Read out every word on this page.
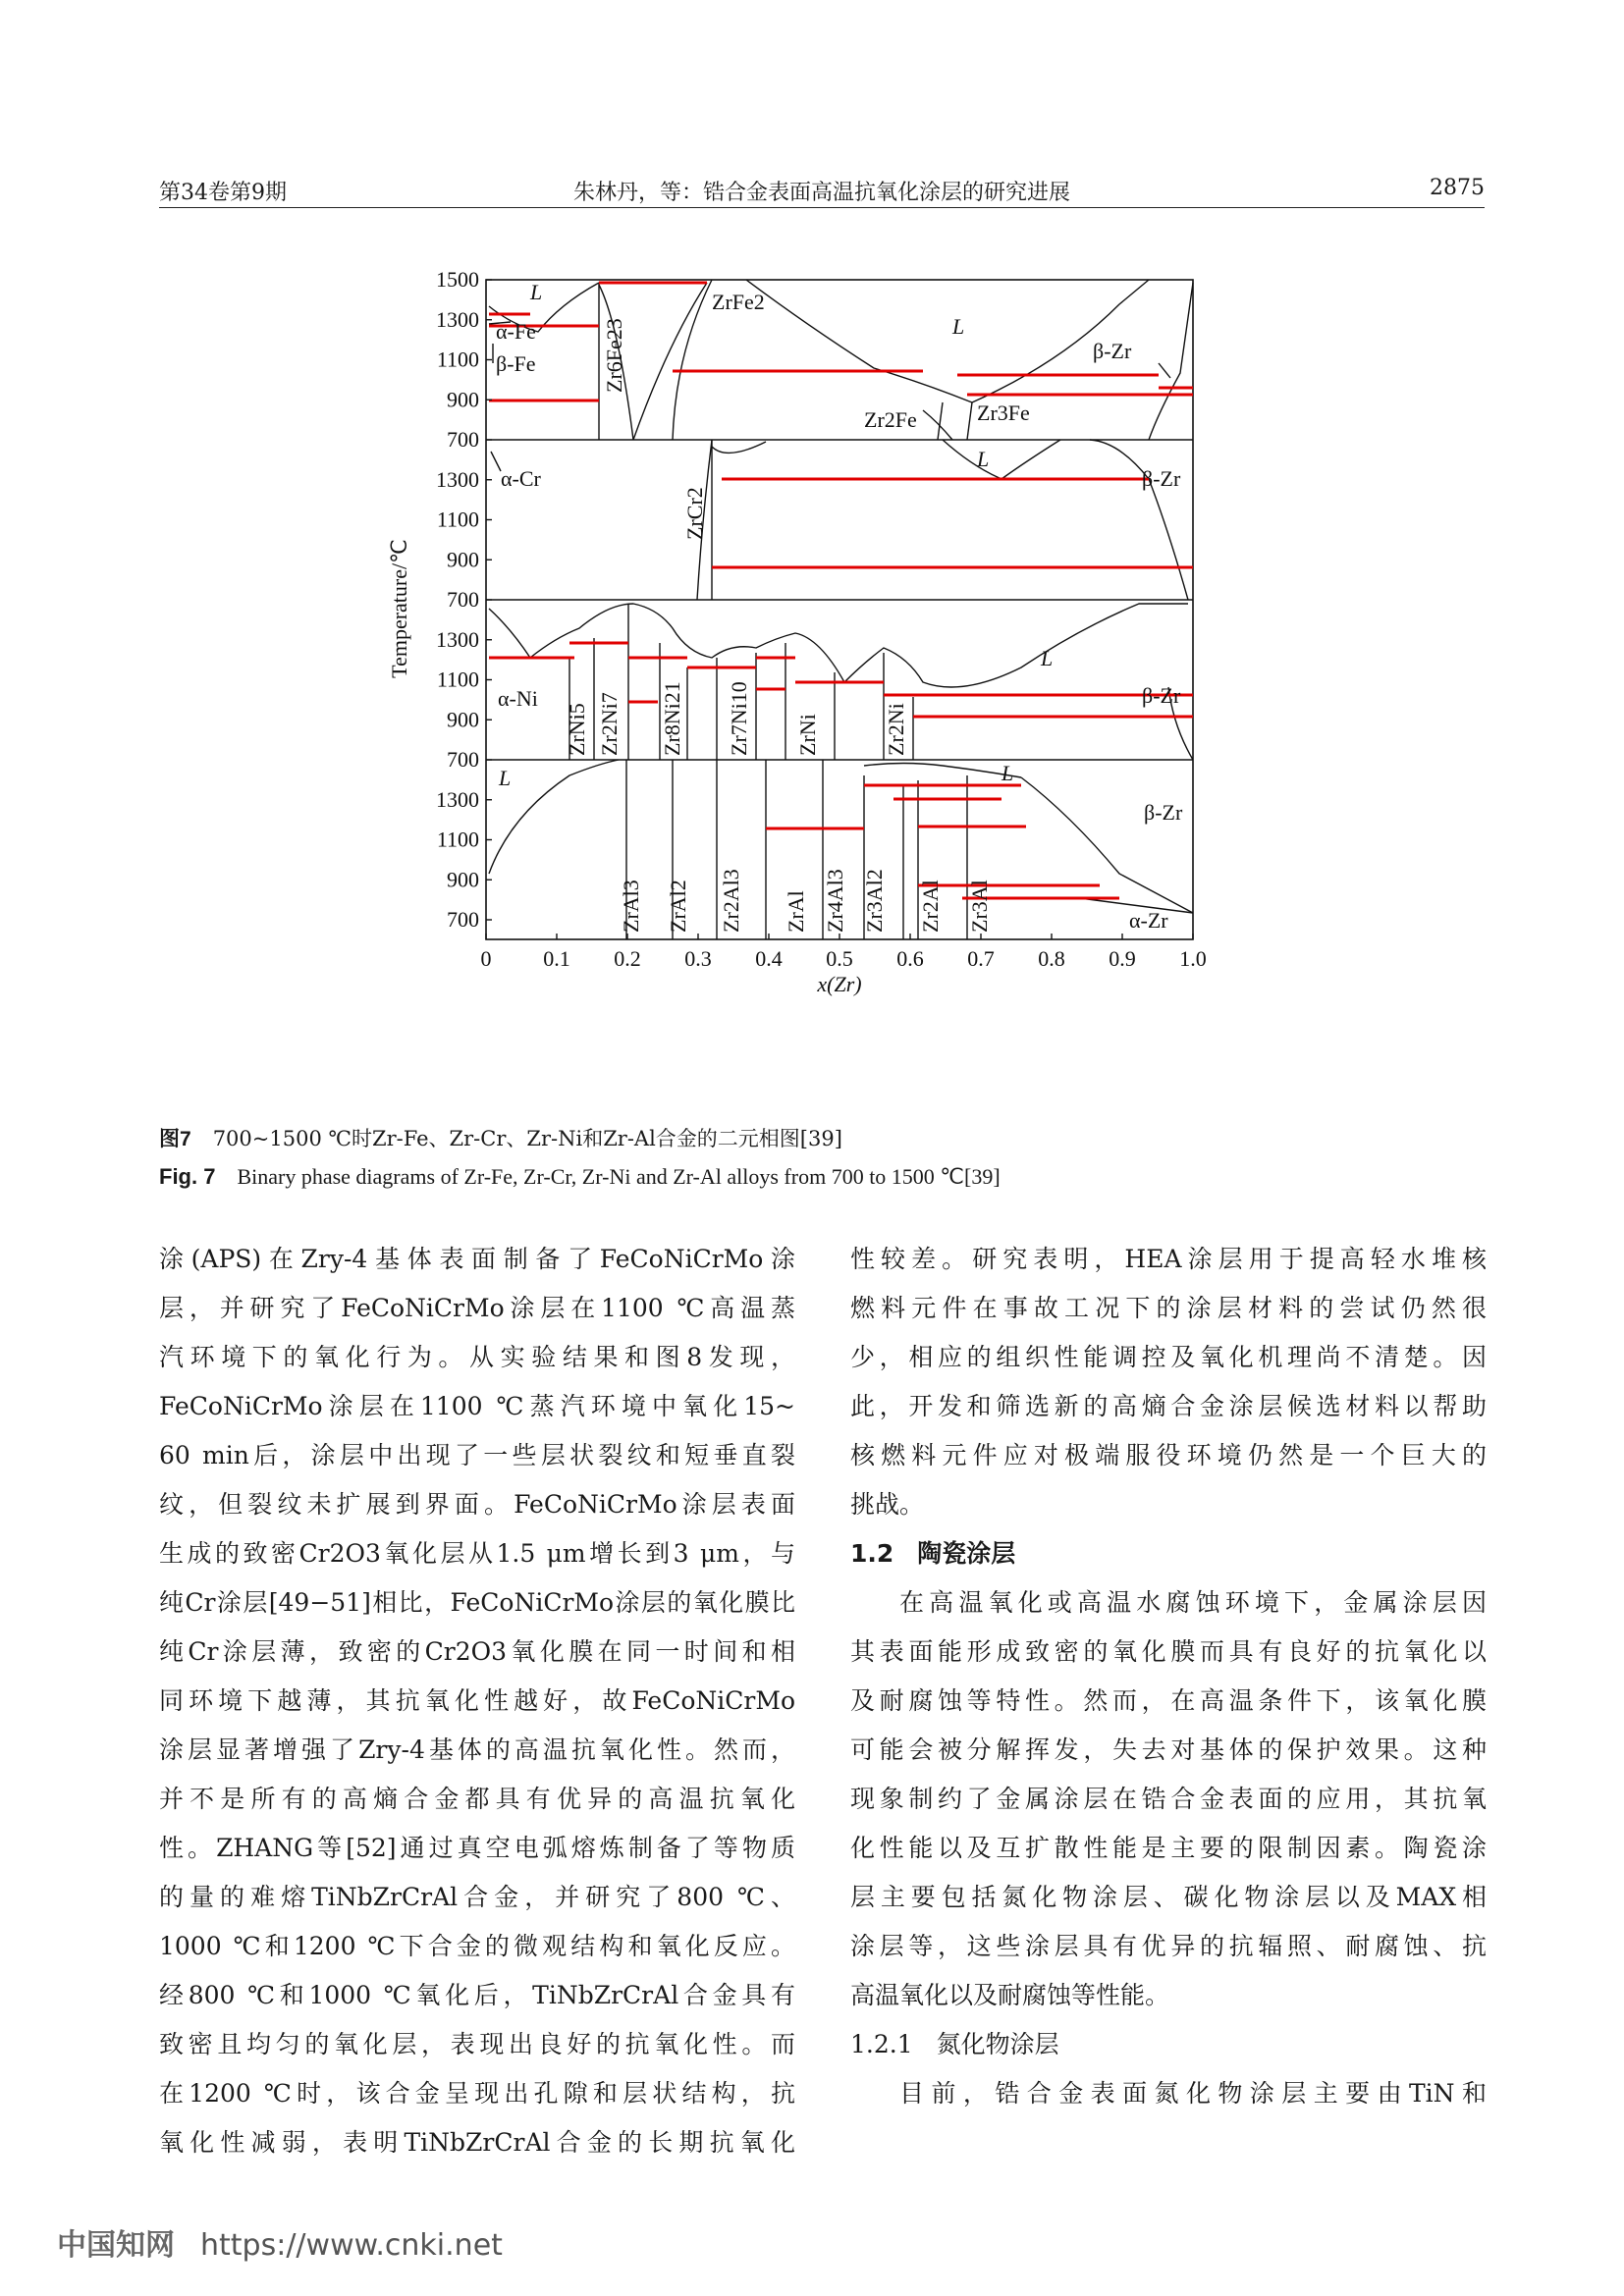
第34卷第9期	朱林丹，等：锆合金表面高温抗氧化涂层的研究进展	2875
L
α-Fe
β-Fe	Zr6Fe23
ZrFe2
L
Zr2Fe	Zr3Fe
β-Zr
α-Cr
ZrCr2
L
β-Zr
L
α-Ni
ZrNi5 Zr2Ni7 Zr8Ni21 Zr7Ni10 ZrNi	Zr2Ni
β-Zr
L
ZrAl3 ZrAl2 Zr2Al3 ZrAl Zr4Al3 Zr3Al2 Zr2Al Zr3Al
L
β-Zr
α-Zr
1500
1300
1100
900
700
1300
1100
900
700
1300
1100
900
700
1300
1100
900
700
0 0.1 0.2 0.3 0.4 0.5 0.6 0.7 0.8 0.9 1.0
Temperature/℃
x(Zr)
图7 700~1500 ℃时Zr-Fe、Zr-Cr、Zr-Ni和Zr-Al合金的二元相图[39]
Fig. 7 Binary phase diagrams of Zr-Fe, Zr-Cr, Zr-Ni and Zr-Al alloys from 700 to 1500 ℃[39]

涂(APS)在Zry-4基体表面制备了FeCoNiCrMo涂

层，并研究了FeCoNiCrMo涂层在1100 ℃高温蒸

汽环境下的氧化行为。从实验结果和图8发现，

FeCoNiCrMo涂层在1100 ℃蒸汽环境中氧化15~

60 min后，涂层中出现了一些层状裂纹和短垂直裂

纹，但裂纹未扩展到界面。FeCoNiCrMo涂层表面

生成的致密Cr2O3氧化层从1.5 μm增长到3 μm，与

纯Cr涂层[49−51]相比，FeCoNiCrMo涂层的氧化膜比

纯Cr涂层薄，致密的Cr2O3氧化膜在同一时间和相

同环境下越薄，其抗氧化性越好，故FeCoNiCrMo

涂层显著增强了Zry-4基体的高温抗氧化性。然而，

并不是所有的高熵合金都具有优异的高温抗氧化

性。ZHANG等[52]通过真空电弧熔炼制备了等物质

的量的难熔TiNbZrCrAl合金，并研究了800 ℃、

1000 ℃和1200 ℃下合金的微观结构和氧化反应。

经800 ℃和1000 ℃氧化后，TiNbZrCrAl合金具有

致密且均匀的氧化层，表现出良好的抗氧化性。而

在1200 ℃时，该合金呈现出孔隙和层状结构，抗

氧化性减弱，表明TiNbZrCrAl合金的长期抗氧化

性较差。研究表明，HEA涂层用于提高轻水堆核

燃料元件在事故工况下的涂层材料的尝试仍然很

少，相应的组织性能调控及氧化机理尚不清楚。因

此，开发和筛选新的高熵合金涂层候选材料以帮助

核燃料元件应对极端服役环境仍然是一个巨大的

挑战。

1.2 陶瓷涂层

在高温氧化或高温水腐蚀环境下，金属涂层因

其表面能形成致密的氧化膜而具有良好的抗氧化以

及耐腐蚀等特性。然而，在高温条件下，该氧化膜

可能会被分解挥发，失去对基体的保护效果。这种

现象制约了金属涂层在锆合金表面的应用，其抗氧

化性能以及互扩散性能是主要的限制因素。陶瓷涂

层主要包括氮化物涂层、碳化物涂层以及MAX相

涂层等，这些涂层具有优异的抗辐照、耐腐蚀、抗

高温氧化以及耐腐蚀等性能。

1.2.1 氮化物涂层

目前，锆合金表面氮化物涂层主要由TiN和

中国知网 https://www.cnki.net
